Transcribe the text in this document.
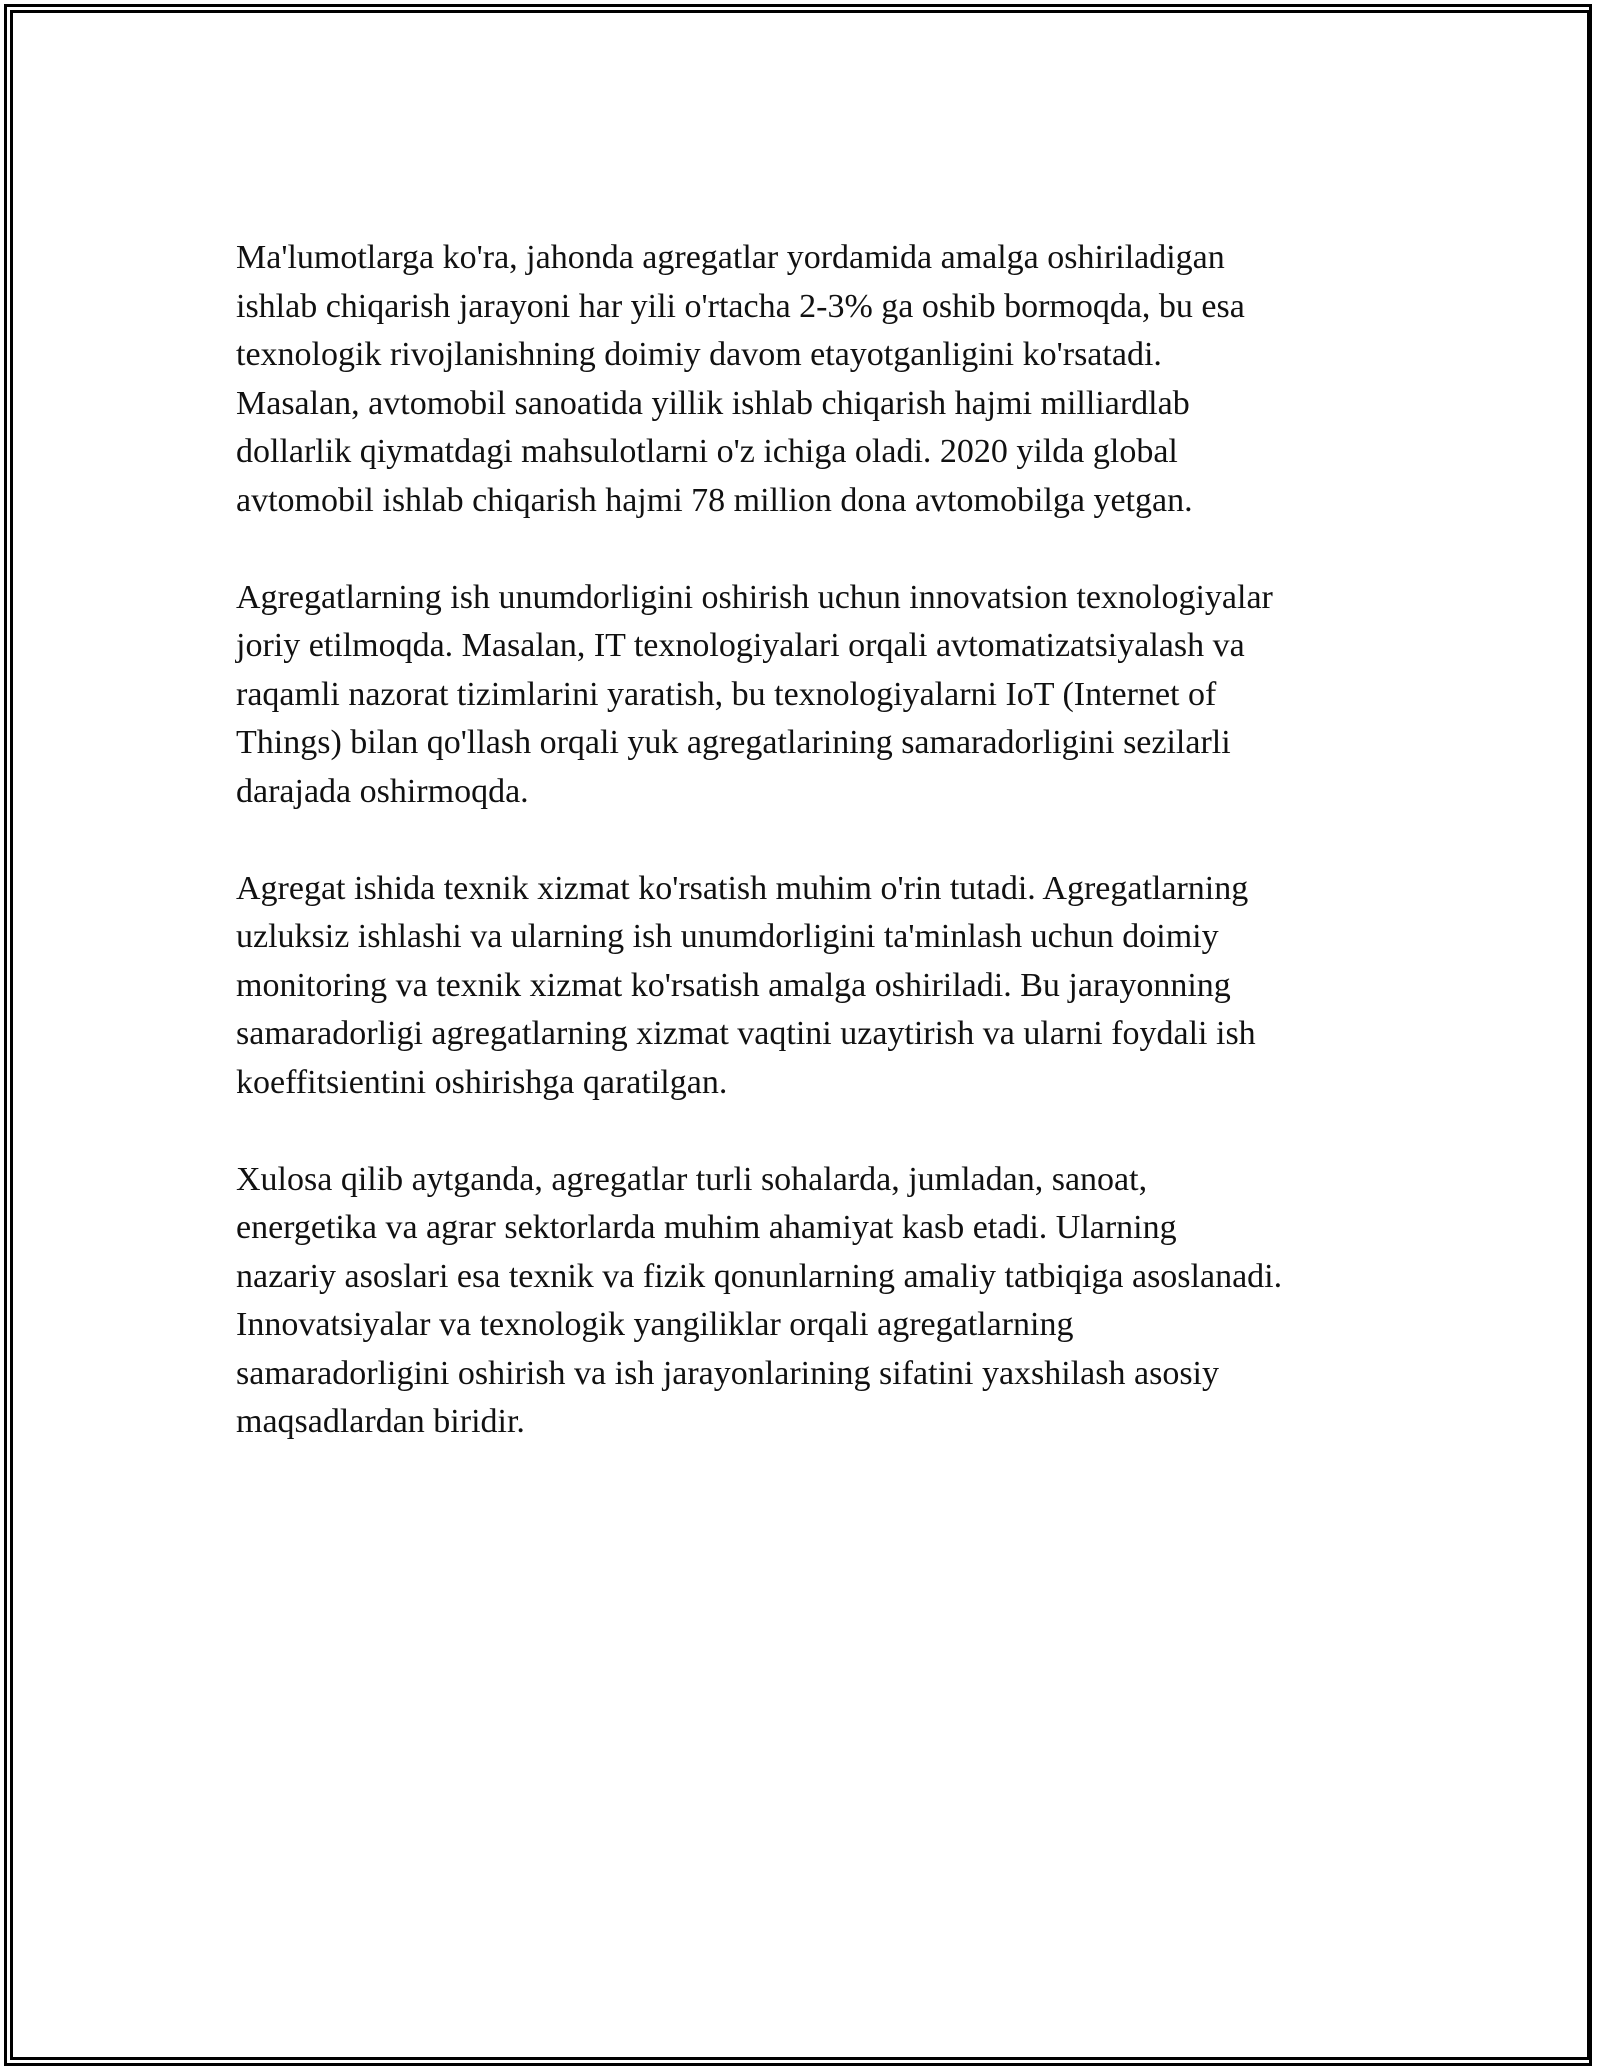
Ma'lumotlarga ko'ra, jahonda agregatlar yordamida amalga oshiriladigan
ishlab chiqarish jarayoni har yili o'rtacha 2-3% ga oshib bormoqda, bu esa
texnologik rivojlanishning doimiy davom etayotganligini ko'rsatadi.
Masalan, avtomobil sanoatida yillik ishlab chiqarish hajmi milliardlab
dollarlik qiymatdagi mahsulotlarni o'z ichiga oladi. 2020 yilda global
avtomobil ishlab chiqarish hajmi 78 million dona avtomobilga yetgan.

Agregatlarning ish unumdorligini oshirish uchun innovatsion texnologiyalar
joriy etilmoqda. Masalan, IT texnologiyalari orqali avtomatizatsiyalash va
raqamli nazorat tizimlarini yaratish, bu texnologiyalarni IoT (Internet of
Things) bilan qo'llash orqali yuk agregatlarining samaradorligini sezilarli
darajada oshirmoqda.

Agregat ishida texnik xizmat ko'rsatish muhim o'rin tutadi. Agregatlarning
uzluksiz ishlashi va ularning ish unumdorligini ta'minlash uchun doimiy
monitoring va texnik xizmat ko'rsatish amalga oshiriladi. Bu jarayonning
samaradorligi agregatlarning xizmat vaqtini uzaytirish va ularni foydali ish
koeffitsientini oshirishga qaratilgan.

Xulosa qilib aytganda, agregatlar turli sohalarda, jumladan, sanoat,
energetika va agrar sektorlarda muhim ahamiyat kasb etadi. Ularning
nazariy asoslari esa texnik va fizik qonunlarning amaliy tatbiqiga asoslanadi.
Innovatsiyalar va texnologik yangiliklar orqali agregatlarning
samaradorligini oshirish va ish jarayonlarining sifatini yaxshilash asosiy
maqsadlardan biridir.
